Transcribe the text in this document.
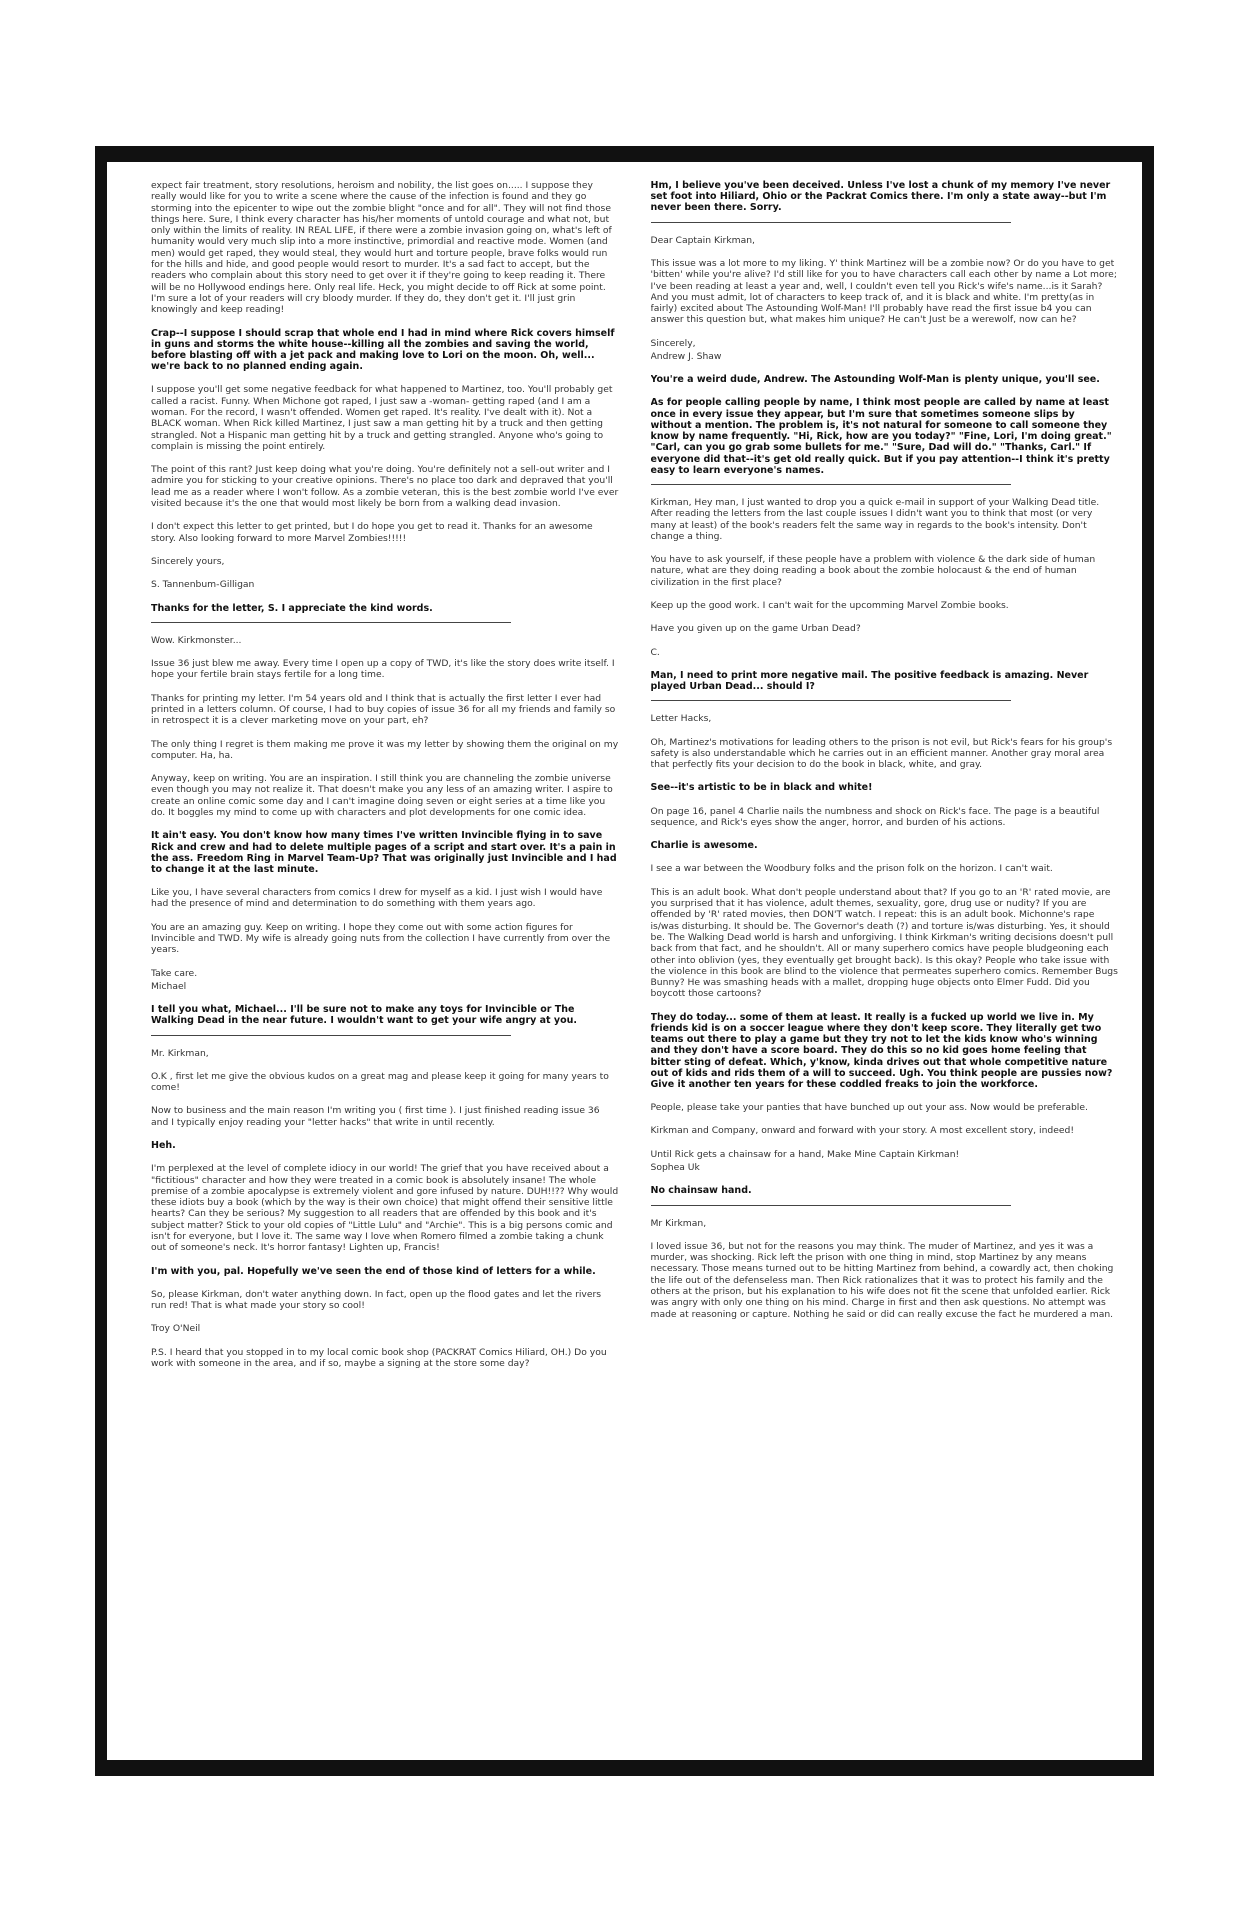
expect fair treatment, story resolutions, heroism and nobility, the list goes on..... I suppose they really would like for you to write a scene where the cause of the infection is found and they go storming into the epicenter to wipe out the zombie blight "once and for all". They will not find those things here. Sure, I think every character has his/her moments of untold courage and what not, but only within the limits of reality. IN REAL LIFE, if there were a zombie invasion going on, what's left of humanity would very much slip into a more instinctive, primordial and reactive mode. Women (and men) would get raped, they would steal, they would hurt and torture people, brave folks would run for the hills and hide, and good people would resort to murder. It's a sad fact to accept, but the readers who complain about this story need to get over it if they're going to keep reading it. There will be no Hollywood endings here. Only real life. Heck, you might decide to off Rick at some point. I'm sure a lot of your readers will cry bloody murder. If they do, they don't get it. I'll just grin knowingly and keep reading!

Crap--I suppose I should scrap that whole end I had in mind where Rick covers himself in guns and storms the white house--killing all the zombies and saving the world, before blasting off with a jet pack and making love to Lori on the moon. Oh, well... we're back to no planned ending again.

I suppose you'll get some negative feedback for what happened to Martinez, too. You'll probably get called a racist. Funny. When Michone got raped, I just saw a -woman- getting raped (and I am a woman. For the record, I wasn't offended. Women get raped. It's reality. I've dealt with it). Not a BLACK woman. When Rick killed Martinez, I just saw a man getting hit by a truck and then getting strangled. Not a Hispanic man getting hit by a truck and getting strangled. Anyone who's going to complain is missing the point entirely.

The point of this rant? Just keep doing what you're doing. You're definitely not a sell-out writer and I admire you for sticking to your creative opinions. There's no place too dark and depraved that you'll lead me as a reader where I won't follow. As a zombie veteran, this is the best zombie world I've ever visited because it's the one that would most likely be born from a walking dead invasion.

I don't expect this letter to get printed, but I do hope you get to read it. Thanks for an awesome story. Also looking forward to more Marvel Zombies!!!!!

Sincerely yours,

S. Tannenbum-Gilligan

Thanks for the letter, S. I appreciate the kind words.

Wow. Kirkmonster...

Issue 36 just blew me away. Every time I open up a copy of TWD, it's like the story does write itself. I hope your fertile brain stays fertile for a long time.

Thanks for printing my letter. I'm 54 years old and I think that is actually the first letter I ever had printed in a letters column. Of course, I had to buy copies of issue 36 for all my friends and family so in retrospect it is a clever marketing move on your part, eh?

The only thing I regret is them making me prove it was my letter by showing them the original on my computer. Ha, ha.

Anyway, keep on writing. You are an inspiration. I still think you are channeling the zombie universe even though you may not realize it. That doesn't make you any less of an amazing writer. I aspire to create an online comic some day and I can't imagine doing seven or eight series at a time like you do. It boggles my mind to come up with characters and plot developments for one comic idea.

It ain't easy. You don't know how many times I've written Invincible flying in to save Rick and crew and had to delete multiple pages of a script and start over. It's a pain in the ass. Freedom Ring in Marvel Team-Up? That was originally just Invincible and I had to change it at the last minute.

Like you, I have several characters from comics I drew for myself as a kid. I just wish I would have had the presence of mind and determination to do something with them years ago.

You are an amazing guy. Keep on writing. I hope they come out with some action figures for Invincible and TWD. My wife is already going nuts from the collection I have currently from over the years.

Take care.

Michael

I tell you what, Michael... I'll be sure not to make any toys for Invincible or The Walking Dead in the near future. I wouldn't want to get your wife angry at you.

Mr. Kirkman,

O.K , first let me give the obvious kudos on a great mag and please keep it going for many years to come!

Now to business and the main reason I'm writing you ( first time ). I just finished reading issue 36 and I typically enjoy reading your "letter hacks" that write in until recently.

Heh.

I'm perplexed at the level of complete idiocy in our world! The grief that you have received about a "fictitious" character and how they were treated in a comic book is absolutely insane! The whole premise of a zombie apocalypse is extremely violent and gore infused by nature. DUH!!?? Why would these idiots buy a book (which by the way is their own choice) that might offend their sensitive little hearts? Can they be serious? My suggestion to all readers that are offended by this book and it's subject matter? Stick to your old copies of "Little Lulu" and "Archie". This is a big persons comic and isn't for everyone, but I love it. The same way I love when Romero filmed a zombie taking a chunk out of someone's neck. It's horror fantasy! Lighten up, Francis!

I'm with you, pal. Hopefully we've seen the end of those kind of letters for a while.

So, please Kirkman, don't water anything down. In fact, open up the flood gates and let the rivers run red! That is what made your story so cool!

Troy O'Neil

P.S. I heard that you stopped in to my local comic book shop (PACKRAT Comics Hiliard, OH.) Do you work with someone in the area, and if so, maybe a signing at the store some day?

Hm, I believe you've been deceived. Unless I've lost a chunk of my memory I've never set foot into Hiliard, Ohio or the Packrat Comics there. I'm only a state away--but I'm never been there. Sorry.

Dear Captain Kirkman,

This issue was a lot more to my liking. Y' think Martinez will be a zombie now? Or do you have to get 'bitten' while you're alive? I'd still like for you to have characters call each other by name a Lot more; I've been reading at least a year and, well, I couldn't even tell you Rick's wife's name...is it Sarah? And you must admit, lot of characters to keep track of, and it is black and white. I'm pretty(as in fairly) excited about The Astounding Wolf-Man! I'll probably have read the first issue b4 you can answer this question but, what makes him unique? He can't Just be a werewolf, now can he?

Sincerely,

Andrew J. Shaw

You're a weird dude, Andrew. The Astounding Wolf-Man is plenty unique, you'll see.

As for people calling people by name, I think most people are called by name at least once in every issue they appear, but I'm sure that sometimes someone slips by without a mention. The problem is, it's not natural for someone to call someone they know by name frequently. "Hi, Rick, how are you today?" "Fine, Lori, I'm doing great." "Carl, can you go grab some bullets for me." "Sure, Dad will do." "Thanks, Carl." If everyone did that--it's get old really quick. But if you pay attention--I think it's pretty easy to learn everyone's names.

Kirkman, Hey man, I just wanted to drop you a quick e-mail in support of your Walking Dead title. After reading the letters from the last couple issues I didn't want you to think that most (or very many at least) of the book's readers felt the same way in regards to the book's intensity. Don't change a thing.

You have to ask yourself, if these people have a problem with violence & the dark side of human nature, what are they doing reading a book about the zombie holocaust & the end of human civilization in the first place?

Keep up the good work. I can't wait for the upcomming Marvel Zombie books.

Have you given up on the game Urban Dead?

C.

Man, I need to print more negative mail. The positive feedback is amazing. Never played Urban Dead... should I?

Letter Hacks,

Oh, Martinez's motivations for leading others to the prison is not evil, but Rick's fears for his group's safety is also understandable which he carries out in an efficient manner. Another gray moral area that perfectly fits your decision to do the book in black, white, and gray.

See--it's artistic to be in black and white!

On page 16, panel 4 Charlie nails the numbness and shock on Rick's face. The page is a beautiful sequence, and Rick's eyes show the anger, horror, and burden of his actions.

Charlie is awesome.

I see a war between the Woodbury folks and the prison folk on the horizon. I can't wait.

This is an adult book. What don't people understand about that? If you go to an 'R' rated movie, are you surprised that it has violence, adult themes, sexuality, gore, drug use or nudity? If you are offended by 'R' rated movies, then DON'T watch. I repeat: this is an adult book. Michonne's rape is/was disturbing. It should be. The Governor's death (?) and torture is/was disturbing. Yes, it should be. The Walking Dead world is harsh and unforgiving. I think Kirkman's writing decisions doesn't pull back from that fact, and he shouldn't. All or many superhero comics have people bludgeoning each other into oblivion (yes, they eventually get brought back). Is this okay? People who take issue with the violence in this book are blind to the violence that permeates superhero comics. Remember Bugs Bunny? He was smashing heads with a mallet, dropping huge objects onto Elmer Fudd. Did you boycott those cartoons?

They do today... some of them at least. It really is a fucked up world we live in. My friends kid is on a soccer league where they don't keep score. They literally get two teams out there to play a game but they try not to let the kids know who's winning and they don't have a score board. They do this so no kid goes home feeling that bitter sting of defeat. Which, y'know, kinda drives out that whole competitive nature out of kids and rids them of a will to succeed. Ugh. You think people are pussies now? Give it another ten years for these coddled freaks to join the workforce.

People, please take your panties that have bunched up out your ass. Now would be preferable.

Kirkman and Company, onward and forward with your story. A most excellent story, indeed!

Until Rick gets a chainsaw for a hand, Make Mine Captain Kirkman!

Sophea Uk

No chainsaw hand.

Mr Kirkman,

I loved issue 36, but not for the reasons you may think. The muder of Martinez, and yes it was a murder, was shocking. Rick left the prison with one thing in mind, stop Martinez by any means necessary. Those means turned out to be hitting Martinez from behind, a cowardly act, then choking the life out of the defenseless man. Then Rick rationalizes that it was to protect his family and the others at the prison, but his explanation to his wife does not fit the scene that unfolded earlier. Rick was angry with only one thing on his mind. Charge in first and then ask questions. No attempt was made at reasoning or capture. Nothing he said or did can really excuse the fact he murdered a man.
